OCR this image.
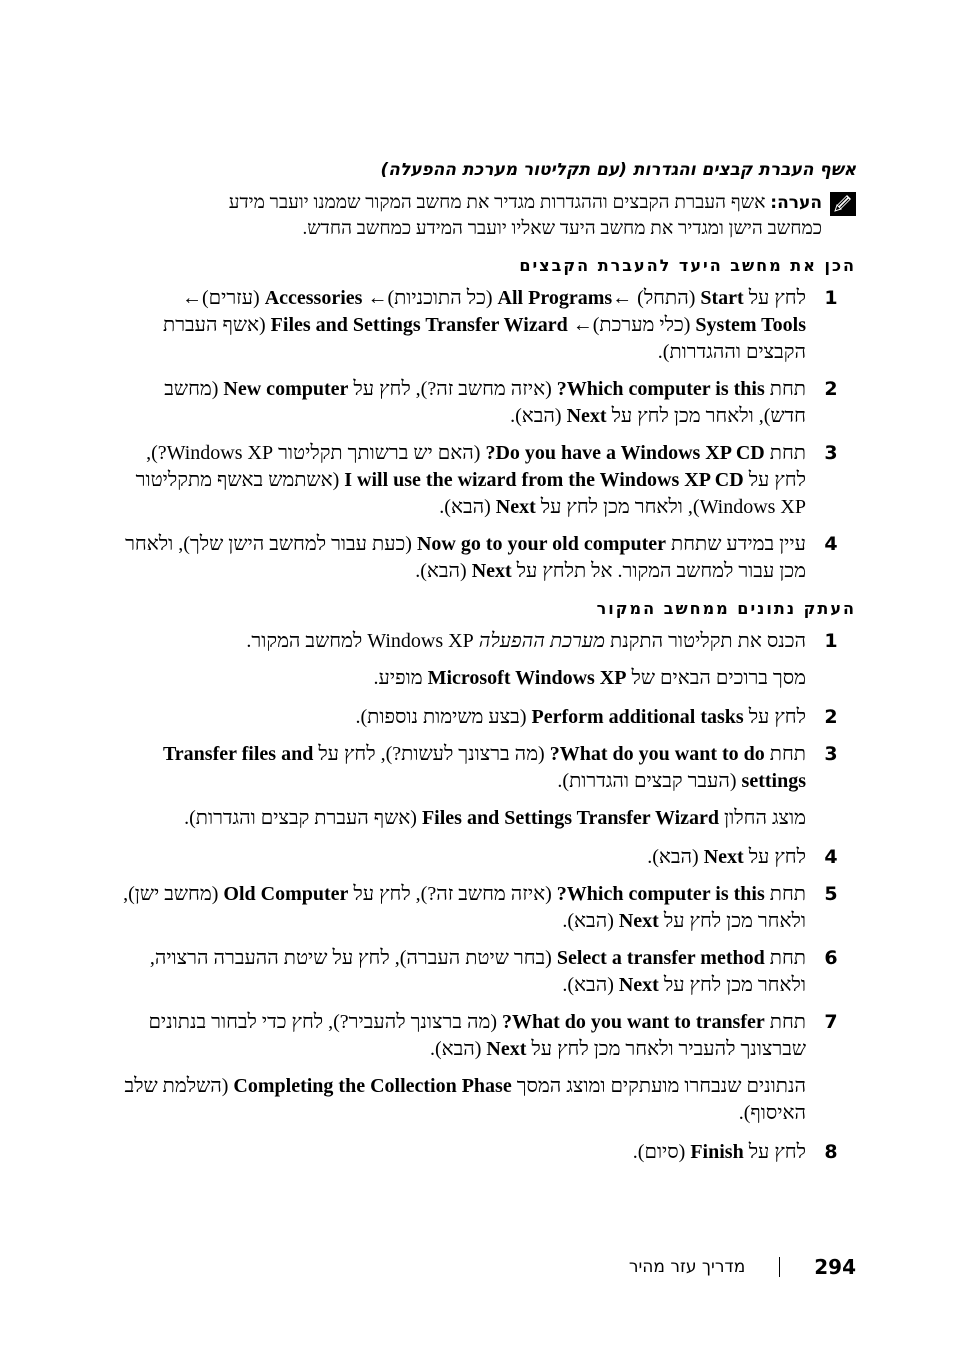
אשף העברת קבצים והגדרות (עם תקליטור מערכת ההפעלה)
הערה: אשף העברת הקבצים וההגדרות מגדיר את מחשב המקור שממנו יועבר מידע כמחשב הישן ומגדיר את מחשב היעד שאליו יועבר המידע כמחשב החדש.
הכן את מחשב היעד להעברת הקבצים
1
לחץ על Start (התחל) ←All Programs (כל התוכניות)← Accessories (עזרים)← System Tools (כלי מערכת)← Files and Settings Transfer Wizard (אשף העברת הקבצים וההגדרות).
2
תחת Which computer is this? (איזה מחשב זה?), לחץ על New computer (מחשב חדש), ולאחר מכן לחץ על Next (הבא).
3
תחת Do you have a Windows XP CD? (האם יש ברשותך תקליטור Windows XP?), לחץ על I will use the wizard from the Windows XP CD (אשתמש באשף מתקליטור Windows XP), ולאחר מכן לחץ על Next (הבא).
4
עיין במידע שתחת Now go to your old computer (כעת עבור למחשב הישן שלך), ולאחר מכן עבור למחשב המקור. אל תלחץ על Next (הבא).
העתק נתונים ממחשב המקור
1
הכנס את תקליטור התקנת מערכת ההפעלה Windows XP למחשב המקור.
מסך ברוכים הבאים של Microsoft Windows XP מופיע.
2
לחץ על Perform additional tasks (בצע משימות נוספות).
3
תחת What do you want to do? (מה ברצונך לעשות?), לחץ על Transfer files and settings (העבר קבצים והגדרות).
מוצג החלון Files and Settings Transfer Wizard (אשף העברת קבצים והגדרות).
4
לחץ על Next (הבא).
5
תחת Which computer is this? (איזה מחשב זה?), לחץ על Old Computer (מחשב ישן), ולאחר מכן לחץ על Next (הבא).
6
תחת Select a transfer method (בחר שיטת העברה), לחץ על שיטת ההעברה הרצויה, ולאחר מכן לחץ על Next (הבא).
7
תחת What do you want to transfer? (מה ברצונך להעביר?), לחץ כדי לבחור בנתונים שברצונך להעביר ולאחר מכן לחץ על Next (הבא).
הנתונים שנבחרו מועתקים ומוצג המסך Completing the Collection Phase (השלמת שלב האיסוף).
8
לחץ על Finish (סיום).
294
מדריך עזר מהיר
